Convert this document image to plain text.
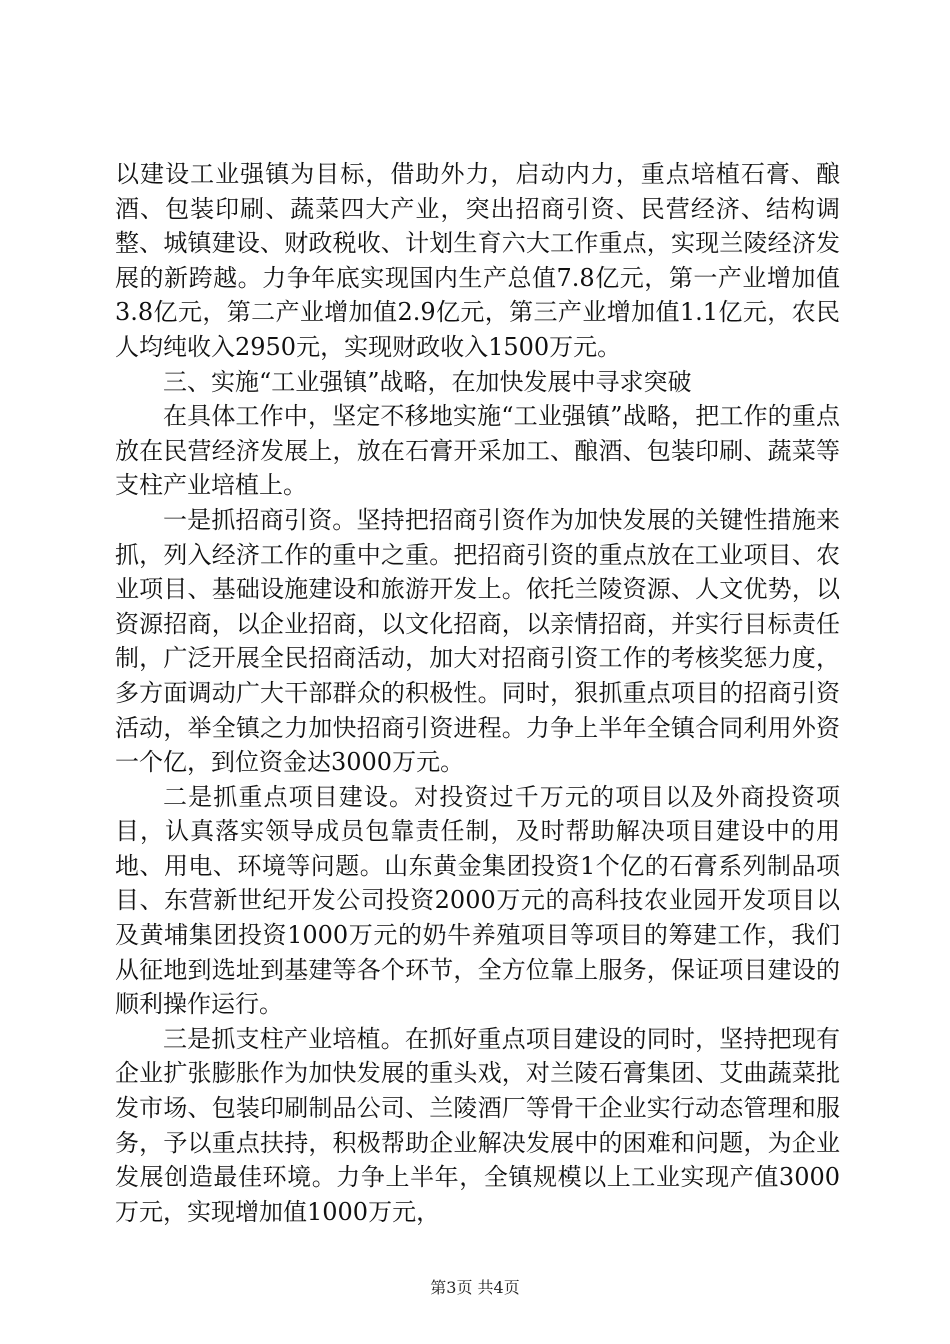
以建设工业强镇为目标，借助外力，启动内力，重点培植石膏、酿酒、包装印刷、蔬菜四大产业，突出招商引资、民营经济、结构调整、城镇建设、财政税收、计划生育六大工作重点，实现兰陵经济发展的新跨越。力争年底实现国内生产总值7.8亿元，第一产业增加值3.8亿元，第二产业增加值2.9亿元，第三产业增加值1.1亿元，农民人均纯收入2950元，实现财政收入1500万元。

三、实施“工业强镇”战略，在加快发展中寻求突破

在具体工作中，坚定不移地实施“工业强镇”战略，把工作的重点放在民营经济发展上，放在石膏开采加工、酿酒、包装印刷、蔬菜等支柱产业培植上。

一是抓招商引资。坚持把招商引资作为加快发展的关键性措施来抓，列入经济工作的重中之重。把招商引资的重点放在工业项目、农业项目、基础设施建设和旅游开发上。依托兰陵资源、人文优势，以资源招商，以企业招商，以文化招商，以亲情招商，并实行目标责任制，广泛开展全民招商活动，加大对招商引资工作的考核奖惩力度，多方面调动广大干部群众的积极性。同时，狠抓重点项目的招商引资活动，举全镇之力加快招商引资进程。力争上半年全镇合同利用外资一个亿，到位资金达3000万元。

二是抓重点项目建设。对投资过千万元的项目以及外商投资项目，认真落实领导成员包靠责任制，及时帮助解决项目建设中的用地、用电、环境等问题。山东黄金集团投资1个亿的石膏系列制品项目、东营新世纪开发公司投资2000万元的高科技农业园开发项目以及黄埔集团投资1000万元的奶牛养殖项目等项目的筹建工作，我们从征地到选址到基建等各个环节，全方位靠上服务，保证项目建设的顺利操作运行。

三是抓支柱产业培植。在抓好重点项目建设的同时，坚持把现有企业扩张膨胀作为加快发展的重头戏，对兰陵石膏集团、艾曲蔬菜批发市场、包装印刷制品公司、兰陵酒厂等骨干企业实行动态管理和服务，予以重点扶持，积极帮助企业解决发展中的困难和问题，为企业发展创造最佳环境。力争上半年，全镇规模以上工业实现产值3000万元，实现增加值1000万元，

第3页 共4页
